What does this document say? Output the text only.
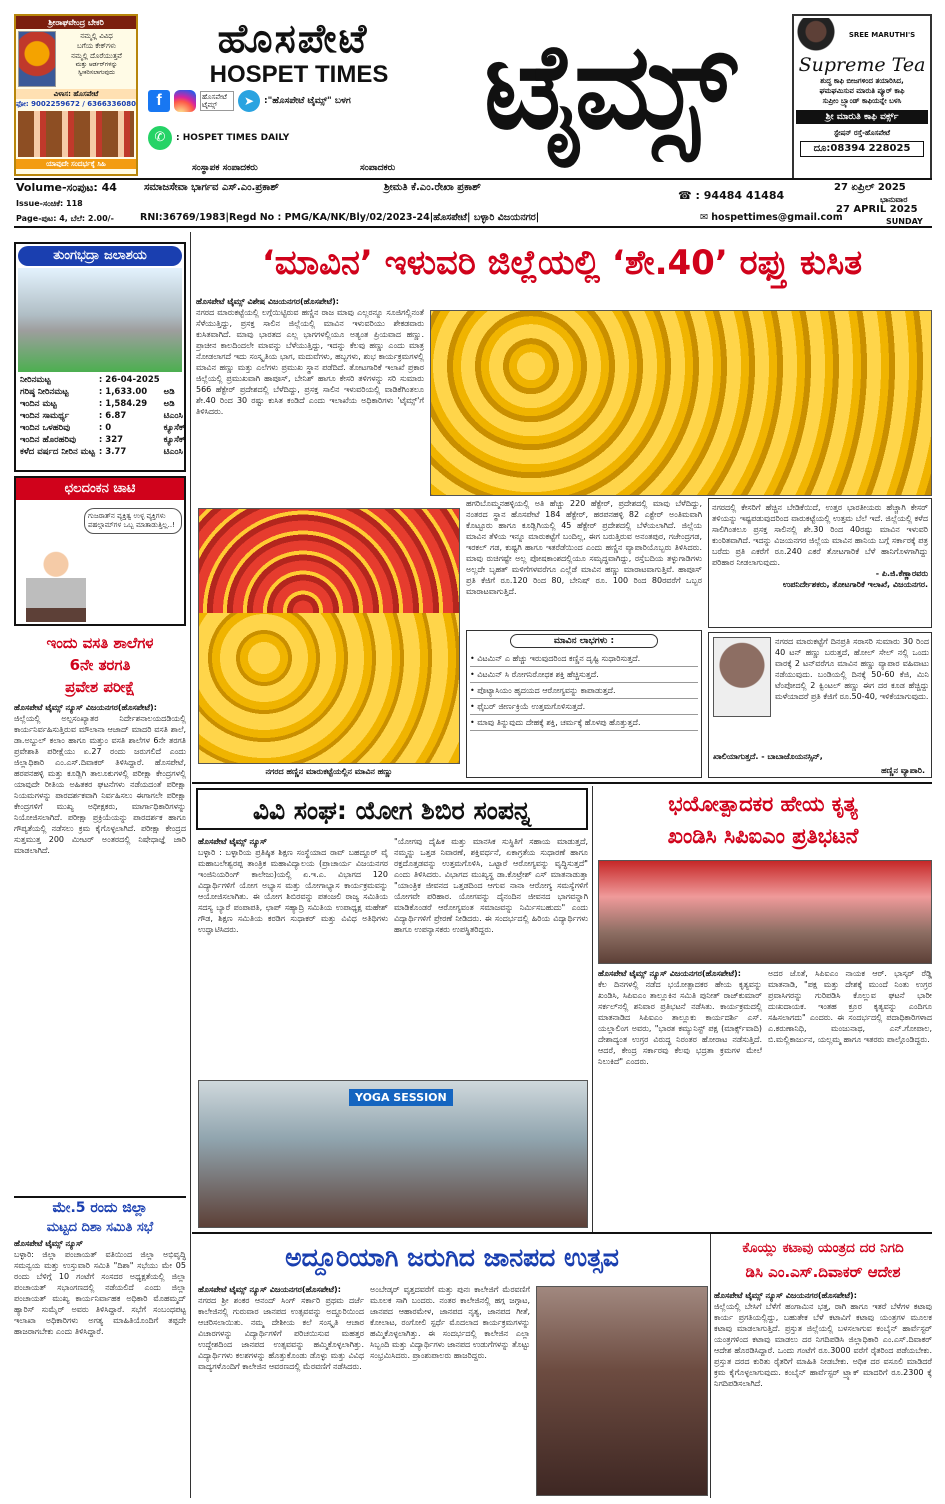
ಶ್ರೀರಾಘವೇಂದ್ರ ಬೇಕರಿ
ನಮ್ಮಲ್ಲಿ ವಿವಿಧ
ಬಗೆಯ ಕೇಕ್‌ಗಳು
ನಮ್ಮಲ್ಲಿ ದೊರೆಯುತ್ತವೆ
ಮತ್ತು ಆರ್ಡರ್‌ಗಳನ್ನು ಸ್ವೀಕರಿಸಲಾಗುವುದು
ವಿಳಾಸ: ಹೊಸಪೇಟೆ
ಫೋ: 9002259672 / 6366336080
ಯಾವುದೇ ಸಂದರ್ಭಕ್ಕೆ ಸಿಹಿ
ಹೊಸಪೇಟೆ
HOSPET TIMES ಟೈಮ್ಸ್
f	ಹೊಸಪೇಟೆ ಟೈಮ್ಸ್	➤	:"ಹೊಸಪೇಟೆ ಟೈಮ್ಸ್" ಬಳಗ
✆	: HOSPET TIMES DAILY
ಸಂಸ್ಥಾಪಕ ಸಂಪಾದಕರು	ಸಂಪಾದಕರು
SREE MARUTHI'S
Supreme Tea
ಶುದ್ಧ ಕಾಫಿ ಬೀಜಗಳಿಂದ ತಯಾರಿಸಿದ,
ಘಮಘಮಿಸುವ ಮಾರುತಿ ಪ್ಯೂರ್ ಕಾಫಿ
ಸುಪ್ರೀಂ ಬ್ರ್ಯಾಂಡ್ ಕಾಫಿಯನ್ನೇ ಬಳಸಿ
ಶ್ರೀ ಮಾರುತಿ ಕಾಫಿ ವರ್ಕ್ಸ್
ಸ್ಟೇಷನ್ ರಸ್ತೆ-ಹೊಸಪೇಟೆ
ದೂ:08394 228025
Volume-ಸಂಪುಟ: 44
Issue-ಸಂಚಿಕೆ: 118
Page-ಪುಟ: 4, ಬೆಲೆ: 2.00/-
ಸಮಾಜಸೇವಾ ಭಾರ್ಗವ ಎಸ್.ಎಂ.ಪ್ರಕಾಶ್	ಶ್ರೀಮತಿ ಕೆ.ಎಂ.ರೇಖಾ ಪ್ರಕಾಶ್
☎ : 94484 41484
27 ಏಪ್ರಿಲ್ 2025
ಭಾನುವಾರ
27 APRIL 2025
SUNDAY
RNI:36769/1983|Regd No : PMG/KA/NK/Bly/02/2023-24|ಹೊಸಪೇಟೆ| ಬಳ್ಳಾರಿ ವಿಜಯನಗರ|	✉ hospettimes@gmail.com
ತುಂಗಭದ್ರಾ ಜಲಾಶಯ
ನೀರಿನಮಟ್ಟ	: 26-04-2025	
ಗರಿಷ್ಠ ನೀರಿನಮಟ್ಟ	: 1,633.00	ಅಡಿ
ಇಂದಿನ ಮಟ್ಟ	: 1,584.29	ಅಡಿ
ಇಂದಿನ ಸಾಮರ್ಥ್ಯ	: 6.87	ಟಿಎಂಸಿ
ಇಂದಿನ ಒಳಹರಿವು	: 0	ಕ್ಯೂಸೆಕ್
ಇಂದಿನ ಹೊರಹರಿವು	: 327	ಕ್ಯೂಸೆಕ್
ಕಳೆದ ವರ್ಷದ ನೀರಿನ ಮಟ್ಟ	: 3.77	ಟಿಎಂಸಿ
ಛಲದಂಕನ ಚಾಟಿ
ಗುಜರಾತ್‌ನ ವ್ಯಕ್ತಿತ್ವ ಉಳ್ಳ ವ್ಯಕ್ತಿಗಳು ಪಹಲ್ಗಾಮ್‌ಗಳ ಒಬ್ಬ ಮಾತಾಡುತ್ತಿಲ್ಲ..!
ಇಂದು ವಸತಿ ಶಾಲೆಗಳ
6ನೇ ತರಗತಿ
ಪ್ರವೇಶ ಪರೀಕ್ಷೆ
ಹೊಸಪೇಟೆ ಟೈಮ್ಸ್ ನ್ಯೂಸ್ ವಿಜಯನಗರ(ಹೊಸಪೇಟೆ):
ಜಿಲ್ಲೆಯಲ್ಲಿ ಅಲ್ಪಸಂಖ್ಯಾತರ ನಿರ್ದೇಶನಾಲಯದಡಿಯಲ್ಲಿ ಕಾರ್ಯನಿರ್ವಹಿಸುತ್ತಿರುವ ಮೌಲಾನಾ ಆಜಾದ್ ಮಾದರಿ ವಸತಿ ಶಾಲೆ, ಡಾ.ಅಬ್ದುಲ್ ಕಲಾಂ ಹಾಗೂ ಮತ್ತುಂ ವಸತಿ ಶಾಲೆಗಳ 6ನೇ ತರಗತಿ ಪ್ರವೇಶಾತಿ ಪರೀಕ್ಷೆಯು ಏ.27 ರಂದು ಜರುಗಲಿದೆ ಎಂದು ಜಿಲ್ಲಾಧಿಕಾರಿ ಎಂ.ಎಸ್.ದಿವಾಕರ್ ತಿಳಿಸಿದ್ದಾರೆ. ಹೊಸಪೇಟೆ, ಹರಪನಹಳ್ಳಿ ಮತ್ತು ಕೂಡ್ಲಿಗಿ ತಾಲೂಕುಗಳಲ್ಲಿ ಪರೀಕ್ಷಾ ಕೇಂದ್ರಗಳಲ್ಲಿ ಯಾವುದೇ ರೀತಿಯ ಅಹಿತಕರ ಘಟನೆಗಳು ನಡೆಯದಂತೆ ಪರೀಕ್ಷಾ ನಿಯಮಗಳನ್ನು ಪಾರದರ್ಶಕವಾಗಿ ನಿರ್ವಹಿಸಲು ಈಗಾಗಲೇ ಪರೀಕ್ಷಾ ಕೇಂದ್ರಗಳಿಗೆ ಮುಖ್ಯ ಅಧೀಕ್ಷಕರು, ಮಾರ್ಗಾಧಿಕಾರಿಗಳನ್ನು ನಿಯೋಜಿಸಲಾಗಿದೆ. ಪರೀಕ್ಷಾ ಪ್ರಕ್ರಿಯೆಯನ್ನು ಪಾರದರ್ಶಕ ಹಾಗೂ ಗೌಪ್ಯತೆಯಲ್ಲಿ ನಡೆಸಲು ಕ್ರಮ ಕೈಗೊಳ್ಳಲಾಗಿದೆ. ಪರೀಕ್ಷಾ ಕೇಂದ್ರದ ಸುತ್ತಮುತ್ತ 200 ಮೀಟರ್ ಅಂತರದಲ್ಲಿ ನಿಷೇಧಾಜ್ಞೆ ಜಾರಿ ಮಾಡಲಾಗಿದೆ.
ಮೇ.5 ರಂದು ಜಿಲ್ಲಾ
ಮಟ್ಟದ ದಿಶಾ ಸಮಿತಿ ಸಭೆ
ಹೊಸಪೇಟೆ ಟೈಮ್ಸ್ ನ್ಯೂಸ್
ಬಳ್ಳಾರಿ: ಜಿಲ್ಲಾ ಪಂಚಾಯತ್ ವತಿಯಿಂದ ಜಿಲ್ಲಾ ಅಭಿವೃದ್ಧಿ ಸಮನ್ವಯ ಮತ್ತು ಉಸ್ತುವಾರಿ ಸಮಿತಿ "ದಿಶಾ" ಸಭೆಯು ಮೇ 05 ರಂದು ಬೆಳಿಗ್ಗೆ 10 ಗಂಟೆಗೆ ಸಂಸದರ ಅಧ್ಯಕ್ಷತೆಯಲ್ಲಿ ಜಿಲ್ಲಾ ಪಂಚಾಯತ್ ಸಭಾಂಗಣದಲ್ಲಿ ನಡೆಯಲಿದೆ ಎಂದು ಜಿಲ್ಲಾ ಪಂಚಾಯತ್ ಮುಖ್ಯ ಕಾರ್ಯನಿರ್ವಾಹಕ ಅಧಿಕಾರಿ ಮೊಹಮ್ಮದ್ ಹ್ಯಾರಿಸ್ ಸುಮೈರ್ ಅವರು ತಿಳಿಸಿದ್ದಾರೆ. ಸಭೆಗೆ ಸಂಬಂಧಪಟ್ಟ ಇಲಾಖಾ ಅಧಿಕಾರಿಗಳು ಅಗತ್ಯ ಮಾಹಿತಿಯೊಂದಿಗೆ ತಪ್ಪದೇ ಹಾಜರಾಗಬೇಕು ಎಂದು ತಿಳಿಸಿದ್ದಾರೆ.
‘ಮಾವಿನ’ ಇಳುವರಿ ಜಿಲ್ಲೆಯಲ್ಲಿ ‘ಶೇ.40’ ರಫ್ತು ಕುಸಿತ
ಹೊಸಪೇಟೆ ಟೈಮ್ಸ್ ವಿಶೇಷ ವಿಜಯನಗರ(ಹೊಸಪೇಟೆ):
ನಗರದ ಮಾರುಕಟ್ಟೆಯಲ್ಲಿ ಲಗ್ಗೆಯಿಟ್ಟಿರುವ ಹಣ್ಣಿನ ರಾಜ ಮಾವು ಎಲ್ಲರನ್ನೂ ಸೂಜಿಗಲ್ಲಿನಂತೆ ಸೆಳೆಯುತ್ತಿದ್ದು, ಪ್ರಸಕ್ತ ಸಾಲಿನ ಜಿಲ್ಲೆಯಲ್ಲಿ ಮಾವಿನ ಇಳುವರಿಯು ಶೇಕಡವಾರು ಕುಸಿತವಾಗಿದೆ. ಮಾವು ಭಾರತದ ಎಲ್ಲ ಭಾಗಗಳಲ್ಲಿಯೂ ಅತ್ಯಂತ ಪ್ರಿಯವಾದ ಹಣ್ಣು. ಪ್ರಾಚೀನ ಕಾಲದಿಂದಲೇ ಮಾವನ್ನು ಬೆಳೆಯುತ್ತಿದ್ದು, ಇದನ್ನು ಕೆಲವು ಹಣ್ಣು ಎಂದು ಮಾತ್ರ ನೋಡಲಾಗದೆ ಇದು ಸಂಸ್ಕೃತಿಯ ಭಾಗ, ಮದುವೆಗಳು, ಹಬ್ಬಗಳು, ಶುಭ ಕಾರ್ಯಕ್ರಮಗಳಲ್ಲಿ ಮಾವಿನ ಹಣ್ಣು ಮತ್ತು ಎಲೆಗಳು ಪ್ರಮುಖ ಸ್ಥಾನ ಪಡೆದಿದೆ. ತೋಟಗಾರಿಕೆ ಇಲಾಖೆ ಪ್ರಕಾರ ಜಿಲ್ಲೆಯಲ್ಲಿ ಪ್ರಮುಖವಾಗಿ ಹಾಪೂಸ್, ಬೇನಿಶ್ ಹಾಗೂ ಕೇಸರಿ ತಳಿಗಳನ್ನು ಸರಿ ಸುಮಾರು 566 ಹೆಕ್ಟೇರ್ ಪ್ರದೇಶದಲ್ಲಿ ಬೆಳೆದಿದ್ದು, ಪ್ರಸಕ್ತ ಸಾಲಿನ ಇಳುವರಿಯಲ್ಲಿ ವಾಡಿಕೆಗಿಂತಲೂ ಶೇ.40 ರಿಂದ 30 ರಷ್ಟು ಕುಸಿತ ಕಂಡಿದೆ ಎಂದು ಇಲಾಖೆಯ ಅಧಿಕಾರಿಗಳು 'ಟೈಮ್ಸ್'ಗೆ ತಿಳಿಸಿದರು.
ನಗರದ ಹಣ್ಣಿನ ಮಾರುಕಟ್ಟೆಯಲ್ಲಿನ ಮಾವಿನ ಹಣ್ಣು
ಹಗರಿಬೊಮ್ಮನಹಳ್ಳಿಯಲ್ಲಿ ಅತಿ ಹೆಚ್ಚು 220 ಹೆಕ್ಟೇರ್, ಪ್ರದೇಶದಲ್ಲಿ ಮಾವು ಬೆಳೆದಿದ್ದು, ನಂತರದ ಸ್ಥಾನ ಹೊಸಪೇಟೆ 184 ಹೆಕ್ಟೇರ್, ಹರಪನಹಳ್ಳಿ 82 ಎಕ್ಟೇರ್ ಅಂತಿಮವಾಗಿ ಕೊಟ್ಟೂರು ಹಾಗೂ ಕೂಡ್ಲಿಗಿಯಲ್ಲಿ 45 ಹೆಕ್ಟೇರ್ ಪ್ರದೇಶದಲ್ಲಿ ಬೆಳೆಯಲಾಗಿದೆ. ಜಿಲ್ಲೆಯ ಮಾವಿನ ತೆಳಿಯ ಇನ್ನೂ ಮಾರುಕಟ್ಟೆಗೆ ಬಂದಿಲ್ಲ, ಈಗ ಬರುತ್ತಿರುವ ಅನಂತಪುರ, ಗಜೇಂದ್ರಗಡ, ಇರಕಲ್ ಗಡ, ಕುಷ್ಟಗಿ ಹಾಗೂ ಇತರೆಡೆಯಿಂದ ಎಂದು ಹಣ್ಣಿನ ವ್ಯಾಪಾರಿಯೊಬ್ಬರು ತಿಳಿಸಿದರು. ಮಾವು ರುಚಿಗಷ್ಟೇ ಅಲ್ಲ ಪೋಷಕಾಂಶದಲ್ಲಿಯೂ ಸಮೃದ್ಧವಾಗಿದ್ದು, ರಸ್ತೆಬದಿಯ ತಳ್ಳುಗಾಡಿಗಳು ಅಲ್ಲದೇ ಬೃಹತ್ ಮಳಿಗೆಗಳವರೆಗೂ ಎಲ್ಲೆಡೆ ಮಾವಿನ ಹಣ್ಣು ಮಾರಾಟವಾಗುತ್ತಿವೆ. ಹಾಪೂಸ್ ಪ್ರತಿ ಕೆಜಿಗೆ ರೂ.120 ರಿಂದ 80, ಬೇನಿಷ್ ರೂ. 100 ರಿಂದ 80ರವರೆಗೆ ಒಬ್ಬರ ಮಾರಾಟವಾಗುತ್ತಿದೆ.
ಮಾವಿನ ಲಾಭಗಳು :
• ವಿಟಮಿನ್ ಎ ಹೆಚ್ಚು ಇರುವುದರಿಂದ ಕಣ್ಣಿನ ದೃಷ್ಟಿ ಸುಧಾರಿಸುತ್ತದೆ.
• ವಿಟಮಿನ್ ಸಿ ರೋಗನಿರೋಧಕ ಶಕ್ತಿ ಹೆಚ್ಚಿಸುತ್ತದೆ.
• ಪೊಟ್ಯಾಸಿಯಂ ಹೃದಯದ ಆರೋಗ್ಯವನ್ನು ಕಾಪಾಡುತ್ತದೆ.
• ಫೈಬರ್ ಜೀರ್ಣಕ್ರಿಯೆ ಉತ್ತಮಗೊಳಿಸುತ್ತದೆ.
• ಮಾವು ತಿನ್ನುವುದು ದೇಹಕ್ಕೆ ಶಕ್ತಿ, ಚರ್ಮಕ್ಕೆ ಹೊಳಪು ಹೊತ್ತುತ್ತದೆ.
ನಗರದಲ್ಲಿ ಕೇಸರಿಗೆ ಹೆಚ್ಚಿನ ಬೇಡಿಕೆಯಿದೆ, ಉತ್ತರ ಭಾರತೀಯರು ಹೆಚ್ಚಾಗಿ ಕೇಸರ್ ತಳಿಯನ್ನು ಇಷ್ಟಪಡುವುದರಿಂದ ವಾರುಕಟ್ಟೆಯಲ್ಲಿ ಉತ್ತಮ ಬೆಲೆ ಇದೆ. ಜಿಲ್ಲೆಯಲ್ಲಿ ಕಳೆದ ಸಾಲಿಗಿಂತಲೂ ಪ್ರಸಕ್ತ ಸಾಲಿನಲ್ಲಿ ಶೇ.30 ರಿಂದ 40ರಷ್ಟು ಮಾವಿನ ಇಳುವರಿ ಕುಂಠಿತವಾಗಿದೆ. ಇದನ್ನು ವಿಜಯನಗರ ಜಿಲ್ಲೆಯ ಮಾವಿನ ಹಾನಿಯ ಬಗ್ಗೆ ಸರ್ಕಾರಕ್ಕೆ ಪತ್ರ ಬರೆದು ಪ್ರತಿ ಎಕರೆಗೆ ರೂ.240 ಎಕರೆ ತೋಟಗಾರಿಕೆ ಬೆಳೆ ಹಾನಿಗೊಳಗಾಗಿದ್ದು ಪರಿಹಾರ ನೀಡಲಾಗುವುದು.
- ಪಿ.ಜಿ.ಕೆಣ್ಣಾರವರು
ಉಪನಿರ್ದೇಶಕರು, ತೋಟಗಾರಿಕೆ ಇಲಾಖೆ, ವಿಜಯನಗರ.
ನಗರದ ಮಾರುಕಟ್ಟೆಗೆ ದಿನಪ್ರತಿ ಸರಾಸರಿ ಸುಮಾರು 30 ರಿಂದ 40 ಟನ್ ಹಣ್ಣು ಬರುತ್ತದೆ, ಹೋಲ್ ಸೇಲ್ ನಲ್ಲಿ ಒಂದು ವಾರಕ್ಕೆ 2 ಟನ್‌ವರೆಗೂ ಮಾವಿನ ಹಣ್ಣು ವ್ಯಾಪಾರ ವಹಿವಾಟು ನಡೆಯುವುದು. ಬಂಡಿಯಲ್ಲಿ ದಿನಕ್ಕೆ 50-60 ಕೆಜಿ, ಮಿನಿ ಟೆಂಪೋದಲ್ಲಿ 2 ಕ್ವಿಂಟಲ್ ಹಣ್ಣು ಈಗ ದರ ಕೂಡ ಹೆಚ್ಚಿದ್ದು ಮಳೆಯಾದರೆ ಪ್ರತಿ ಕೆಜಿಗೆ ರೂ.50-40, ಇಳಿಕೆಯಾಗುವುದು.
ಖಾಲಿಯಾಗುತ್ತದೆ. - ಬಾಬಾಜೊಯನಸ್ಸಿನ್,
ಹಣ್ಣಿನ ವ್ಯಾಪಾರಿ.
ವಿವಿ ಸಂಘ: ಯೋಗ ಶಿಬಿರ ಸಂಪನ್ನ
ಹೊಸಪೇಟೆ ಟೈಮ್ಸ್ ನ್ಯೂಸ್
ಬಳ್ಳಾರಿ : ಬಳ್ಳಾರಿಯ ಪ್ರತಿಷ್ಠಿತ ಶಿಕ್ಷಣ ಸಂಸ್ಥೆಯಾದ ರಾವ್ ಬಹದ್ದೂರ್ ವೈ ಮಹಾಬಲೇಶ್ವರಪ್ಪ ತಾಂತ್ರಿಕ ಮಹಾವಿದ್ಯಾಲಯ (ಪ್ರಾಚಾರ್ಯ ವಿಜಯನಗರ ಇಂಜಿನಿಯರಿಂಗ್ ಕಾಲೇಜು)ಯಲ್ಲಿ ಏ.ಇ.ಎ. ವಿಭಾಗದ 120 ವಿದ್ಯಾರ್ಥಿಗಳಿಗೆ ಯೋಗ ಅಭ್ಯಾಸ ಮತ್ತು ಯೋಗಾಭ್ಯಾಸ ಕಾರ್ಯಕ್ರಮವನ್ನು ಆಯೋಜಿಸಲಾಗಿತು. ಈ ಯೋಗ ಶಿಬಿರವನ್ನು ಪತಂಜಲಿ ರಾಜ್ಯ ಸಮಿತಿಯ ಸದಸ್ಯ ಬ್ಯಾರೆ ಪಂಪಾಪತಿ, ಛಾಪ್ ಸಹ್ಯಾದ್ರಿ ಸಮಿತಿಯ ಉಪಾಧ್ಯಕ್ಷ ಮಹೇಶ್ ಗೌಡ, ಶಿಕ್ಷಣ ಸಮಿತಿಯ ಕರಡಿಗ ಸುಧಾಕರ್ ಮತ್ತು ವಿವಿಧ ಅತಿಥಿಗಳು ಉದ್ಘಾಟಿಸಿದರು.
"ಯೋಗವು ದೈಹಿಕ ಮತ್ತು ಮಾನಸಿಕ ಸುಸ್ಥಿತಿಗೆ ಸಹಾಯ ಮಾಡುತ್ತದೆ, ನಮ್ಮನ್ನು ಒತ್ತಡ ನಿವಾರಣೆ, ಶಕ್ತಿವರ್ಧನೆ, ಏಕಾಗ್ರತೆಯ ಸುಧಾರಣೆ ಹಾಗೂ ರಕ್ತದೊತ್ತಡವನ್ನು ಉತ್ತಮಗೊಳಿಸಿ, ಒಟ್ಟಾರೆ ಆರೋಗ್ಯವನ್ನು ವೃದ್ಧಿಸುತ್ತದೆ" ಎಂದು ತಿಳಿಸಿದರು. ವಿಭಾಗದ ಮುಖ್ಯಸ್ಥ ಡಾ.ಕೊಟ್ರೇಶ್ ಎಸ್ ಮಾತನಾಡುತ್ತಾ "ಯಾಂತ್ರಿಕ ಜೀವನದ ಒತ್ತಡದಿಂದ ಆಗುವ ನಾನಾ ಆರೋಗ್ಯ ಸಮಸ್ಯೆಗಳಿಗೆ ಯೋಗವೇ ಪರಿಹಾರ. ಯೋಗವನ್ನು ದೈನಂದಿನ ಜೀವನದ ಭಾಗವನ್ನಾಗಿ ಮಾಡಿಕೊಂಡರೆ ಆರೋಗ್ಯವಂತ ಸಮಾಜವನ್ನು ನಿರ್ಮಿಸಬಹುದು" ಎಂದು ವಿದ್ಯಾರ್ಥಿಗಳಿಗೆ ಪ್ರೇರಣೆ ನೀಡಿದರು. ಈ ಸಂದರ್ಭದಲ್ಲಿ ಹಿರಿಯ ವಿದ್ಯಾರ್ಥಿಗಳು ಹಾಗೂ ಉಪನ್ಯಾಸಕರು ಉಪಸ್ಥಿತರಿದ್ದರು.
YOGA SESSION
ಭಯೋತ್ಪಾದಕರ ಹೇಯ ಕೃತ್ಯ
ಖಂಡಿಸಿ ಸಿಪಿಐಎಂ ಪ್ರತಿಭಟನೆ
ಹೊಸಪೇಟೆ ಟೈಮ್ಸ್ ನ್ಯೂಸ್ ವಿಜಯನಗರ(ಹೊಸಪೇಟೆ):
ಕೆಲ ದಿನಗಳಲ್ಲಿ ನಡೆದ ಭಯೋತ್ಪಾದಕರ ಹೇಯ ಕೃತ್ಯವನ್ನು ಖಂಡಿಸಿ, ಸಿಪಿಐಎಂ ತಾಲ್ಲೂಕಿನ ಸಮಿತಿ ಪುನೀತ್ ರಾಜ್‌ಕುಮಾರ್ ಸರ್ಕಲ್‌ನಲ್ಲಿ ಶನಿವಾರ ಪ್ರತಿಭಟನೆ ನಡೆಸಿತು. ಕಾರ್ಯಕ್ರಮದಲ್ಲಿ ಮಾತನಾಡಿದ ಸಿಪಿಐಎಂ ತಾಲ್ಲೂಕು ಕಾರ್ಯದರ್ಶಿ ಎಸ್. ಯಲ್ಲಾಲಿಂಗ ಅವರು, "ಭಾರತ ಕಮ್ಯುನಿಸ್ಟ್ ಪಕ್ಷ (ಮಾರ್ಕ್ಸ್‌ವಾದಿ) ದೇಶಾದ್ಯಂತ ಉಗ್ರರ ವಿರುದ್ಧ ನಿರಂತರ ಹೋರಾಟ ನಡೆಸುತ್ತಿದೆ. ಆದರೆ, ಕೇಂದ್ರ ಸರ್ಕಾರವು ಕೆಲವು ಭದ್ರತಾ ಕ್ರಮಗಳ ಮೇಲೆ ನಿಲುಕಿದೆ" ಎಂದರು.
ಅದರ ಜೊತೆ, ಸಿಪಿಐಎಂ ನಾಯಕ ಆರ್. ಭಾಸ್ಕರ್ ರೆಡ್ಡಿ ಮಾತನಾಡಿ, "ಪಕ್ಷ ಮತ್ತು ದೇಶಕ್ಕೆ ಮುಂದೆ ನಿಂತು ಉಗ್ರರ ಪ್ರವಾಸಿಗರನ್ನು ಗುರಿಪಡಿಸಿ ಕೊಲ್ಲುವ ಘಟನೆ ಭಾರೀ ದುಃಖದಾಯಕ. ಇಂತಹ ಕ್ರೂರ ಕೃತ್ಯವನ್ನು ಎಂದಿಗೂ ಸಹಿಸಲಾಗದು" ಎಂದರು. ಈ ಸಂದರ್ಭದಲ್ಲಿ ಪದಾಧಿಕಾರಿಗಳಾದ ಎ.ಕರುಣಾನಿಧಿ, ಮಂಜುನಾಥ, ಎನ್.ಗೋಪಾಲ, ಬಿ.ಮಲ್ಲಿಕಾರ್ಜುನ, ಯಲ್ಲಮ್ಮ ಹಾಗೂ ಇತರರು ಪಾಲ್ಗೊಂಡಿದ್ದರು.
ಅದ್ದೂರಿಯಾಗಿ ಜರುಗಿದ ಜಾನಪದ ಉತ್ಸವ
ಹೊಸಪೇಟೆ ಟೈಮ್ಸ್ ನ್ಯೂಸ್ ವಿಜಯನಗರ(ಹೊಸಪೇಟೆ):
ನಗರದ ಶ್ರೀ ಶಂಕರ ಆನಂದ್ ಸಿಂಗ್ ಸರ್ಕಾರಿ ಪ್ರಥಮ ದರ್ಜೆ ಕಾಲೇಜಿನಲ್ಲಿ ಗುರುವಾರ ಜಾನಪದ ಉತ್ಸವವನ್ನು ಅದ್ದೂರಿಯಿಂದ ಆಚರಿಸಲಾಯಿತು. ನಮ್ಮ ದೇಶೀಯ ಕಲೆ ಸಂಸ್ಕೃತಿ ಆಚಾರ ವಿಚಾರಗಳನ್ನು ವಿದ್ಯಾರ್ಥಿಗಳಿಗೆ ಪರಿಚಯಿಸುವ ಮಹತ್ತರ ಉದ್ದೇಶದಿಂದ ಜಾನಪದ ಉತ್ಸವವನ್ನು ಹಮ್ಮಿಕೊಳ್ಳಲಾಗಿತ್ತು. ವಿದ್ಯಾರ್ಥಿಗಳು ಕಲಶಗಳನ್ನು ಹೊತ್ತುಕೊಂಡು ಡೊಳ್ಳು ಮತ್ತು ವಿವಿಧ ವಾದ್ಯಗಳೊಂದಿಗೆ ಕಾಲೇಜಿನ ಆವರಣದಲ್ಲಿ ಮೆರವಣಿಗೆ ನಡೆಸಿದರು.
ಅಂಬೇಡ್ಕರ್ ವೃತ್ತದವರೆಗೆ ಮತ್ತು ಪುನಃ ಕಾಲೇಜಿಗೆ ಮೆರವಣಿಗೆ ಮೂಲಕ ಸಾಗಿ ಬಂದರು. ನಂತರ ಕಾಲೇಜಿನಲ್ಲಿ ಹಗ್ಗ ಜಗ್ಗಾಟ, ಜಾನಪದ ಆಹಾರಮೇಳ, ಜಾನಪದ ನೃತ್ಯ, ಜಾನಪದ ಗೀತೆ, ಕೋಲಾಟ, ರಂಗೋಲಿ ಸ್ಪರ್ಧೆ ಮೊದಲಾದ ಕಾರ್ಯಕ್ರಮಗಳನ್ನು ಹಮ್ಮಿಕೊಳ್ಳಲಾಗಿತ್ತು. ಈ ಸಂದರ್ಭದಲ್ಲಿ ಕಾಲೇಜಿನ ಎಲ್ಲಾ ಸಿಬ್ಬಂದಿ ಮತ್ತು ವಿದ್ಯಾರ್ಥಿಗಳು ಜಾನಪದ ಉಡುಗೆಗಳನ್ನು ತೊಟ್ಟು ಸಂಭ್ರಮಿಸಿದರು. ಪ್ರಾಂಶುಪಾಲರು ಹಾಜರಿದ್ದರು.
ಕೊಯ್ಲು ಕಟಾವು ಯಂತ್ರದ ದರ ನಿಗದಿ
ಡಿಸಿ ಎಂ.ಎಸ್.ದಿವಾಕರ್ ಆದೇಶ
ಹೊಸಪೇಟೆ ಟೈಮ್ಸ್ ನ್ಯೂಸ್ ವಿಜಯನಗರ(ಹೊಸಪೇಟೆ):
ಜಿಲ್ಲೆಯಲ್ಲಿ ಬೇಸಿಗೆ ಬೆಳೆಗೆ ಹಂಗಾಮಿನ ಭತ್ತ, ರಾಗಿ ಹಾಗೂ ಇತರೆ ಬೆಳೆಗಳ ಕಟಾವು ಕಾರ್ಯ ಪ್ರಗತಿಯಲ್ಲಿದ್ದು, ಬಹುತೇಕ ಬೆಳೆ ಕಟಾವಿಗೆ ಕಟಾವು ಯಂತ್ರಗಳ ಮೂಲಕ ಕಟಾವು ಮಾಡಲಾಗುತ್ತಿದೆ. ಪ್ರಸ್ತುತ ಜಿಲ್ಲೆಯಲ್ಲಿ ಬಳಸಲಾಗುವ ಕಂಬೈನ್ ಹಾರ್ವೆಸ್ಟರ್ ಯಂತ್ರಗಳಿಂದ ಕಟಾವು ಮಾಡಲು ದರ ನಿಗದಿಪಡಿಸಿ ಜಿಲ್ಲಾಧಿಕಾರಿ ಎಂ.ಎಸ್.ದಿವಾಕರ್ ಆದೇಶ ಹೊರಡಿಸಿದ್ದಾರೆ. ಒಂದು ಗಂಟೆಗೆ ರೂ.3000 ವರೆಗೆ ರೈತರಿಂದ ಪಡೆಯಬೇಕು. ಪ್ರಸ್ತುತ ದರದ ಕುರಿತು ರೈತರಿಗೆ ಮಾಹಿತಿ ನೀಡಬೇಕು. ಅಧಿಕ ದರ ವಸೂಲಿ ಮಾಡಿದರೆ ಕ್ರಮ ಕೈಗೊಳ್ಳಲಾಗುವುದು. ಕಂಬೈನ್ ಹಾರ್ವೆಸ್ಟರ್ ಟ್ರ್ಯಾಕ್ ಮಾದರಿಗೆ ರೂ.2300 ಕ್ಕೆ ನಿಗದಿಪಡಿಸಲಾಗಿದೆ.
